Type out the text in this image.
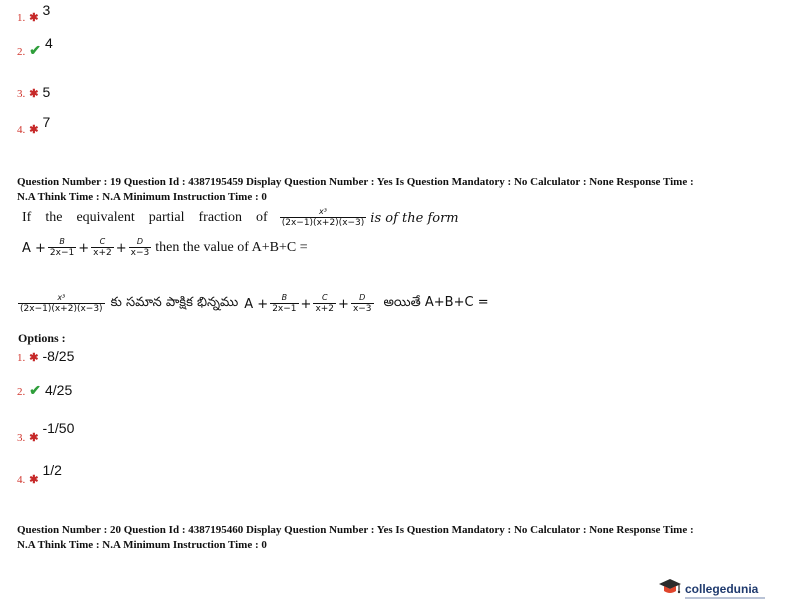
1. ✱ 3
2. ✔ 4
3. ✱ 5
4. ✱ 7
Question Number : 19 Question Id : 4387195459 Display Question Number : Yes Is Question Mandatory : No Calculator : None Response Time :
N.A Think Time : N.A Minimum Instruction Time : 0
If the equivalent partial fraction of $\frac{\text{x³}}{(2x-1)(x+2)(x-3)}$ is of the form
$A + \frac{B}{2x-1} + \frac{C}{x+2} + \frac{D}{x-3}$ then the value of A+B+C =
$\frac{\text{x³}}{(2x-1)(x+2)(x-3)}$ కు సమాన పాక్షిక భిన్నము $A + \frac{B}{2x-1} + \frac{C}{x+2} + \frac{D}{x-3}$ అయితే A+B+C =
Options :
1. ✱ -8/25
2. ✔ 4/25
$_{3.}$ $_✱$ -1/50
$_{4.}$ $_✱$ 1/2
Question Number : 20 Question Id : 4387195460 Display Question Number : Yes Is Question Mandatory : No Calculator : None Response Time :
N.A Think Time : N.A Minimum Instruction Time : 0
collegedunia
